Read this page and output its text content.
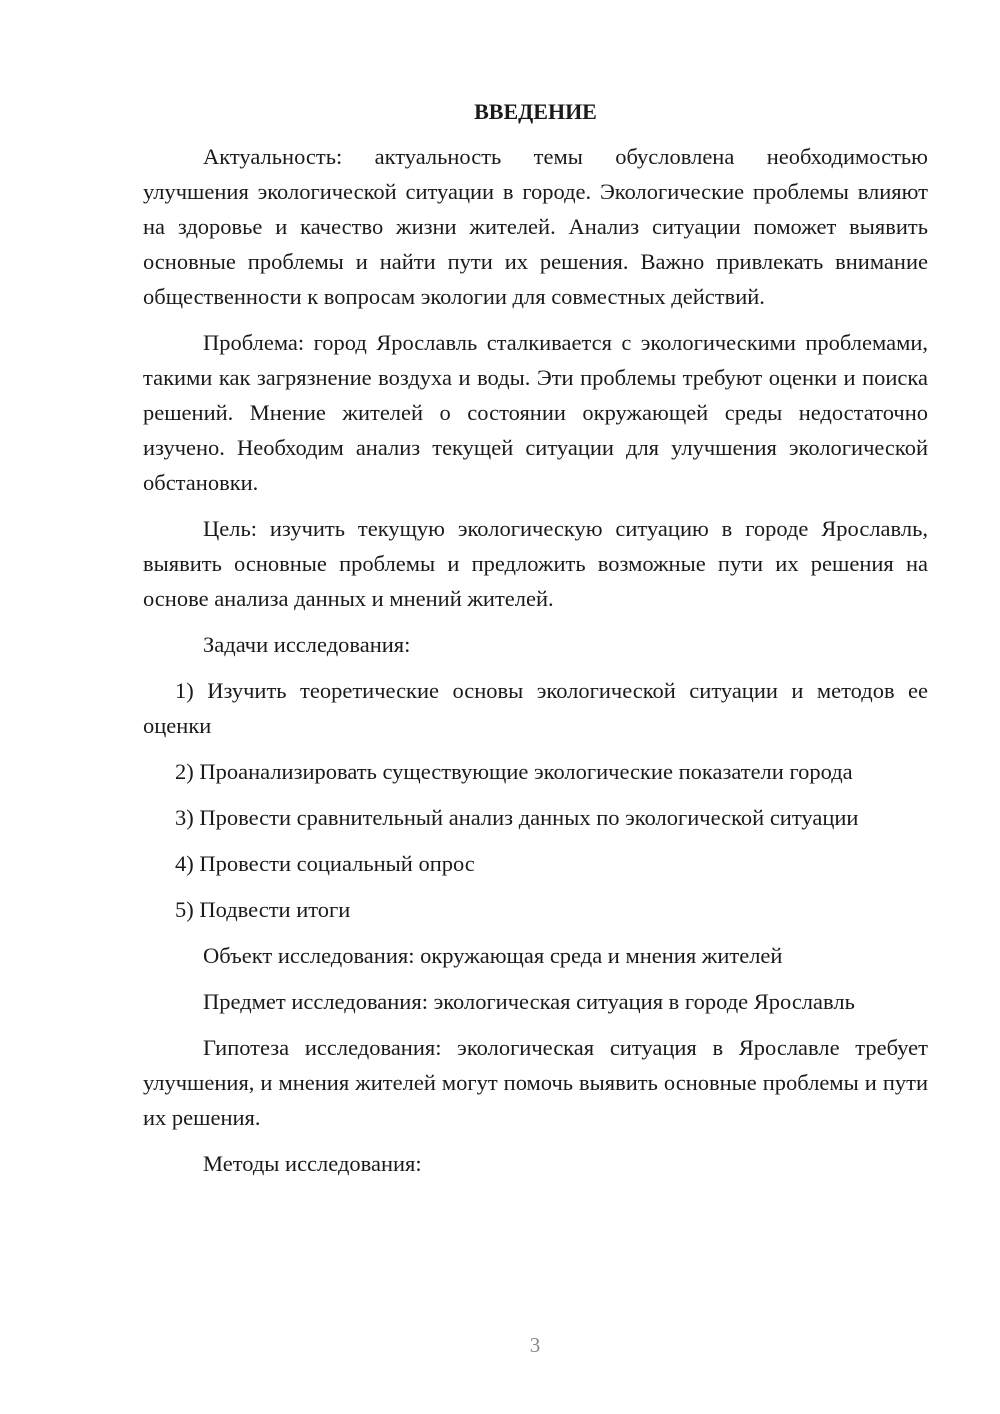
ВВЕДЕНИЕ

Актуальность: актуальность темы обусловлена необходимостью улучшения экологической ситуации в городе. Экологические проблемы влияют на здоровье и качество жизни жителей. Анализ ситуации поможет выявить основные проблемы и найти пути их решения. Важно привлекать внимание общественности к вопросам экологии для совместных действий.

Проблема: город Ярославль сталкивается с экологическими проблемами, такими как загрязнение воздуха и воды. Эти проблемы требуют оценки и поиска решений. Мнение жителей о состоянии окружающей среды недостаточно изучено. Необходим анализ текущей ситуации для улучшения экологической обстановки.

Цель: изучить текущую экологическую ситуацию в городе Ярославль, выявить основные проблемы и предложить возможные пути их решения на основе анализа данных и мнений жителей.

Задачи исследования:

1) Изучить теоретические основы экологической ситуации и методов ее оценки

2) Проанализировать существующие экологические показатели города

3) Провести сравнительный анализ данных по экологической ситуации

4) Провести социальный опрос

5) Подвести итоги

Объект исследования: окружающая среда и мнения жителей

Предмет исследования: экологическая ситуация в городе Ярославль

Гипотеза исследования: экологическая ситуация в Ярославле требует улучшения, и мнения жителей могут помочь выявить основные проблемы и пути их решения.

Методы исследования:

3
